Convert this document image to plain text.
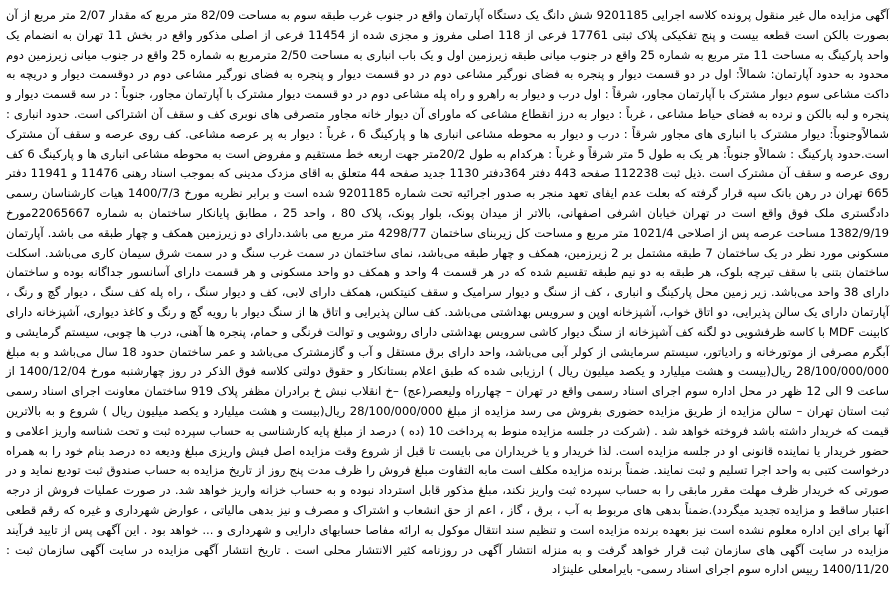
آگهی مزایده مال غیر منقول پرونده کلاسه اجرایی 9201185 شش دانگ یک دستگاه آپارتمان واقع در جنوب غرب طبقه سوم به مساحت 82/09 متر مربع که مقدار 2/07 متر مربع از آن بصورت بالکن است قطعه بیست و پنج تفکیکی پلاک ثبتی 17761 فرعی از 118 اصلی مفروز و مجزی شده از 11454 فرعی از اصلی مذکور واقع در بخش 11 تهران به انضمام یک واحد پارکینگ به مساحت 11 متر مربع به شماره 25 واقع در جنوب میانی طبقه زیرزمین اول و یک باب انباری به مساحت 2/50 مترمربع به شماره 25 واقع در جنوب میانی زیرزمین دوم محدود به حدود آپارتمان: شمالاً: اول در دو قسمت دیوار و پنجره به فضای نورگیر مشاعی دوم در دو قسمت دیوار و پنجره به فضای نورگیر مشاعی دوم در دوقسمت دیوار و دریچه به داکت مشاعی سوم دیوار مشترک با آپارتمان مجاور، شرقاً : اول درب و دیوار به راهرو و راه پله مشاعی دوم در دو قسمت دیوار مشترک با آپارتمان مجاور، جنوباً : در سه قسمت دیوار و پنجره و لبه بالکن و نرده به فضای حیاط مشاعی ، غرباً : دیوار به درز انقطاع مشاعی که ماورای آن دیوار خانه مجاور متصرفی های نوبری کف و سقف آن اشتراکی است. حدود انباری : شمالاًوجنوباً: دیوار مشترک با انباری های مجاور شرقاً : درب و دیوار به محوطه مشاعی انباری ها و پارکینگ 6 ، غرباً : دیوار به پر عرصه مشاعی. کف روی عرصه و سقف آن مشترک است.حدود پارکینگ : شمالاًو جنوباً: هر یک به طول 5 متر شرقاً و غرباً : هرکدام به طول 20/2متر جهت اربعه خط مستقیم و مفروض است به محوطه مشاعی انباری ها و پارکینگ 6 کف روی عرصه و سقف آن مشترک است .ذیل ثبت 112238 صفحه 443 دفتر 364دفتر 1130 جدید صفحه 44 متعلق به اقای مزدک مدینی که بموجب اسناد رهنی 11476 و 11941 دفتر 665 تهران در رهن بانک سپه قرار گرفته که بعلت عدم ایفای تعهد منجر به صدور اجرائیه تحت شماره 9201185 شده است و برابر نظریه مورخ 1400/7/3 هیات کارشناسان رسمی دادگستری ملک فوق واقع است در تهران خیابان اشرفی اصفهانی، بالاتر از میدان پونک، بلوار پونک، پلاک 80 ، واحد 25 ، مطابق پایانکار ساختمان به شماره 22065667مورخ 1382/9/19 مساحت عرصه پس از اصلاحی 1021/4 متر مربع و مساحت کل زیربنای ساختمان 4298/77 متر مربع می باشد.دارای دو زیرزمین همکف و چهار طبقه می باشد. آپارتمان مسکونی مورد نظر در یک ساختمان 7 طبقه مشتمل بر 2 زیرزمین، همکف و چهار طبقه می‌باشد، نمای ساختمان در سمت غرب سنگ و در سمت شرق سیمان کاری می‌باشد. اسکلت ساختمان بتنی با سقف تیرچه بلوک، هر طبقه به دو نیم طبقه تقسیم شده که در هر قسمت 4 واحد و همکف دو واحد مسکونی و هر قسمت دارای آسانسور جداگانه بوده و ساختمان دارای 38 واحد می‌باشد. زیر زمین محل پارکینگ و انباری ، کف از سنگ و دیوار سرامیک و سقف کنیتکس، همکف دارای لابی، کف و دیوار سنگ ، راه پله کف سنگ ، دیوار گچ و رنگ ، آپارتمان دارای یک سالن پذیرایی، دو اتاق خواب، آشپزخانه اوپن و سرویس بهداشتی می‌باشد. کف سالن پذیرایی و اتاق ها از سنگ دیوار با رویه گچ و رنگ و کاغذ دیواری، آشپزخانه دارای کابینت MDF با کاسه ظرفشویی دو لگنه کف آشپزخانه از سنگ دیوار کاشی سرویس بهداشتی دارای روشویی و توالت فرنگی و حمام، پنجره ها آهنی، درب ها چوبی، سیستم گرمایشی و آبگرم مصرفی از موتورخانه و رادیاتور، سیستم سرمایشی از کولر آبی می‌باشد، واحد دارای برق مستقل و آب و گازمشترک می‌باشد و عمر ساختمان حدود 18 سال می‌باشد و به مبلغ 28/100/000/000 ریال(بیست و هشت میلیارد و یکصد میلیون ریال ) ارزیابی شده که طبق اعلام بستانکار و حقوق دولتی کلاسه فوق الذکر در روز چهارشنبه مورخ 1400/12/04 از ساعت 9 الی 12 ظهر در محل اداره سوم اجرای اسناد رسمی واقع در تهران – چهارراه ولیعصر(عج) –خ انقلاب نبش خ برادران مظفر پلاک 919 ساختمان معاونت اجرای اسناد رسمی ثبت استان تهران – سالن مزایده از طریق مزایده حضوری بفروش می رسد مزایده از مبلغ 28/100/000/000 ریال(بیست و هشت میلیارد و یکصد میلیون ریال ) شروع و به بالاترین قیمت که خریدار داشته باشد فروخته خواهد شد . (شرکت در جلسه مزایده منوط به پرداخت 10 (ده ) درصد از مبلغ پایه کارشناسی به حساب سپرده ثبت و تحت شناسه واریز اعلامی و حضور خریدار یا نماینده قانونی او در جلسه مزایده است. لذا خریدار و یا خریداران می بایست تا قبل از شروع وقت مزایده اصل فیش واریزی مبلغ ودیعه ده درصد بنام خود را به همراه درخواست کتبی به واحد اجرا تسلیم و ثبت نمایند. ضمناً برنده مزایده مکلف است مابه التفاوت مبلغ فروش را ظرف مدت پنج روز از تاریخ مزایده به حساب صندوق ثبت تودیع نماید و در صورتی که خریدار ظرف مهلت مقرر مابقی را به حساب سپرده ثبت واریز نکند، مبلغ مذکور قابل استرداد نبوده و به حساب خزانه واریز خواهد شد. در صورت عملیات فروش از درجه اعتبار ساقط و مزایده تجدید میگردد).ضمناً بدهی های مربوط به آب ، برق ، گاز ، اعم از حق انشعاب و اشتراک و مصرف و نیز بدهی مالیاتی ، عوارض شهرداری و غیره که رقم قطعی آنها برای این اداره معلوم نشده است نیز بعهده برنده مزایده است و تنظیم سند انتقال موکول به ارائه مفاصا حسابهای دارایی و شهرداری و ... خواهد بود . این آگهی پس از تایید فرآیند مزایده در سایت آگهی های سازمان ثبت قرار خواهد گرفت و به منزله انتشار آگهی در روزنامه کثیر الانتشار محلی است . تاریخ انتشار آگهی مزایده در سایت آگهی سازمان ثبت : 1400/11/20 رییس اداره سوم اجرای اسناد رسمی- بایرامعلی علینژاد
